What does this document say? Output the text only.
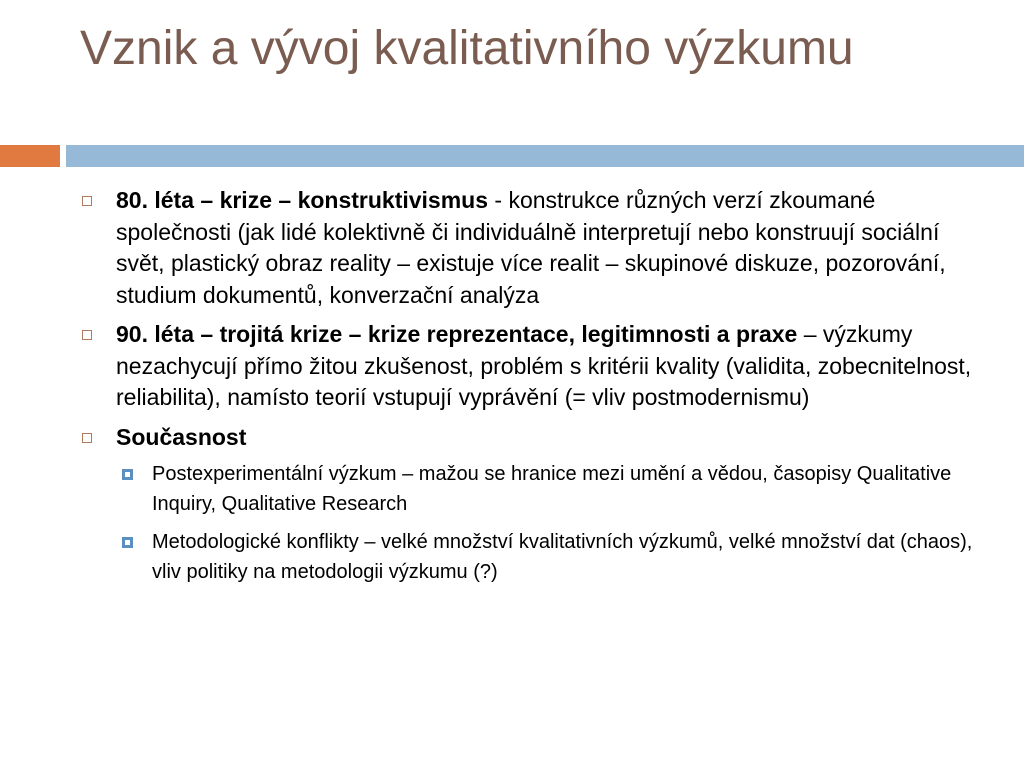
Vznik a vývoj kvalitativního výzkumu
80. léta – krize – konstruktivismus - konstrukce různých verzí zkoumané společnosti (jak lidé kolektivně či individuálně interpretují nebo konstruují sociální svět, plastický obraz reality – existuje více realit – skupinové diskuze, pozorování, studium dokumentů, konverzační analýza
90. léta – trojitá krize – krize reprezentace, legitimnosti a praxe – výzkumy nezachycují přímo žitou zkušenost, problém s kritérii kvality (validita, zobecnitelnost, reliabilita), namísto teorií vstupují vyprávění (= vliv postmodernismu)
Současnost
Postexperimentální výzkum – mažou se hranice mezi umění a vědou, časopisy Qualitative Inquiry, Qualitative Research
Metodologické konflikty – velké množství kvalitativních výzkumů, velké množství dat (chaos), vliv politiky na metodologii výzkumu (?)
